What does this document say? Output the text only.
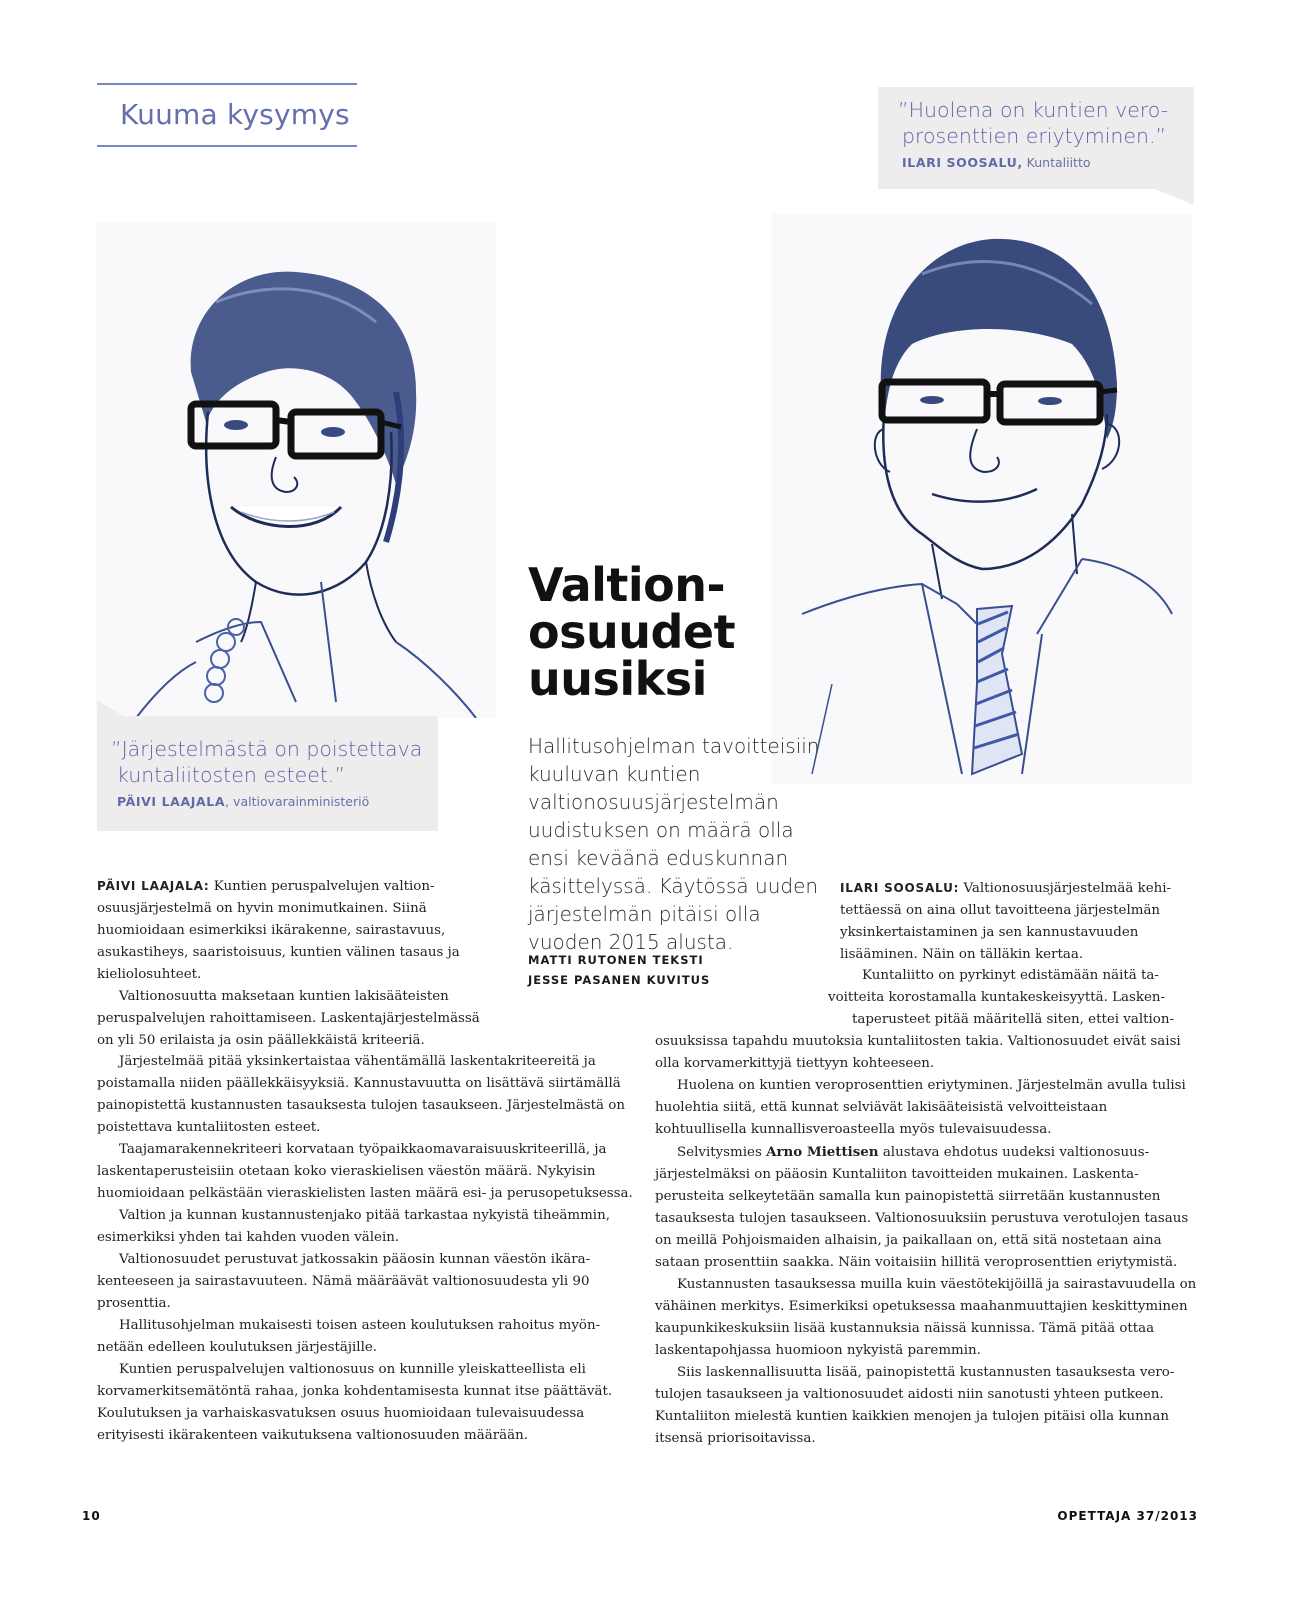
Kuuma kysymys	”Huolena on kuntien vero-
prosenttien eriytyminen.”
ILARI SOOSALU, Kuntaliitto
”Järjestelmästä on poistettava
kuntaliitosten esteet.”
PÄIVI LAAJALA, valtiovarainministeriö
Valtion-
osuudet
uusiksi
Hallitusohjelman tavoitteisiin kuuluvan kuntien valtionosuusjärjestelmän uudistuksen on määrä olla ensi keväänä eduskunnan käsittelyssä. Käytössä uuden järjestelmän pitäisi olla vuoden 2015 alusta.
MATTI RUTONEN TEKSTI
JESSE PASANEN KUVITUS

PÄIVI LAAJALA: Kuntien peruspalvelujen valtionosuusjärjestelmä on hyvin monimutkainen. Siinä huomioidaan esimerkiksi ikärakenne, sairastavuus, asukastiheys, saaristoisuus, kuntien välinen tasaus ja kieliolosuhteet.

Valtionosuutta maksetaan kuntien lakisääteisten peruspalvelujen rahoittamiseen. Laskentajärjestelmässä on yli 50 erilaista ja osin päällekkäistä kriteeriä.

Järjestelmää pitää yksinkertaistaa vähentämällä laskentakriteereitä ja poistamalla niiden päällekkäisyyksiä. Kannustavuutta on lisättävä siirtämällä painopistettä kustannusten tasauksesta tulojen tasaukseen. Järjestelmästä on poistettava kuntaliitosten esteet.

Taajamarakennekriteeri korvataan työpaikkaomavaraisuuskriteerillä, ja laskentaperusteisiin otetaan koko vieraskielisen väestön määrä. Nykyisin huomioidaan pelkästään vieraskielisten lasten määrä esi- ja perusopetuksessa.

Valtion ja kunnan kustannustenjako pitää tarkastaa nykyistä tiheämmin, esimerkiksi yhden tai kahden vuoden välein.

Valtionosuudet perustuvat jatkossakin pääosin kunnan väestön ikärakenteeseen ja sairastavuuteen. Nämä määräävät valtionosuudesta yli 90 prosenttia.

Hallitusohjelman mukaisesti toisen asteen koulutuksen rahoitus myönnetään edelleen koulutuksen järjestäjille.

Kuntien peruspalvelujen valtionosuus on kunnille yleiskatteellista eli korvamerkitsemätöntä rahaa, jonka kohdentamisesta kunnat itse päättävät. Koulutuksen ja varhaiskasvatuksen osuus huomioidaan tulevaisuudessa erityisesti ikärakenteen vaikutuksena valtionosuuden määrään.

ILARI SOOSALU: Valtionosuusjärjestelmää kehitettäessä on aina ollut tavoitteena järjestelmän yksinkertaistaminen ja sen kannustavuuden lisääminen. Näin on tälläkin kertaa.

Kuntaliitto on pyrkinyt edistämään näitä ta-
voitteita korostamalla kuntakeskeisyyttä. Lasken-
taperusteet pitää määritellä siten, ettei valtion-

osuuksissa tapahdu muutoksia kuntaliitosten takia. Valtionosuudet eivät saisi olla korvamerkittyjä tiettyyn kohteeseen.

Huolena on kuntien veroprosenttien eriytyminen. Järjestelmän avulla tulisi huolehtia siitä, että kunnat selviävät lakisääteisistä velvoitteistaan kohtuullisella kunnallisveroasteella myös tulevaisuudessa.

Selvitysmies Arno Miettisen alustava ehdotus uudeksi valtionosuusjärjestelmäksi on pääosin Kuntaliiton tavoitteiden mukainen. Laskentaperusteita selkeytetään samalla kun painopistettä siirretään kustannusten tasauksesta tulojen tasaukseen. Valtionosuuksiin perustuva verotulojen tasaus on meillä Pohjoismaiden alhaisin, ja paikallaan on, että sitä nostetaan aina sataan prosenttiin saakka. Näin voitaisiin hillitä veroprosenttien eriytymistä.

Kustannusten tasauksessa muilla kuin väestötekijöillä ja sairastavuudella on vähäinen merkitys. Esimerkiksi opetuksessa maahanmuuttajien keskittyminen kaupunkikeskuksiin lisää kustannuksia näissä kunnissa. Tämä pitää ottaa laskentapohjassa huomioon nykyistä paremmin.

Siis laskennallisuutta lisää, painopistettä kustannusten tasauksesta verotulojen tasaukseen ja valtionosuudet aidosti niin sanotusti yhteen putkeen. Kuntaliiton mielestä kuntien kaikkien menojen ja tulojen pitäisi olla kunnan itsensä priorisoitavissa.

10	OPETTAJA 37/2013
